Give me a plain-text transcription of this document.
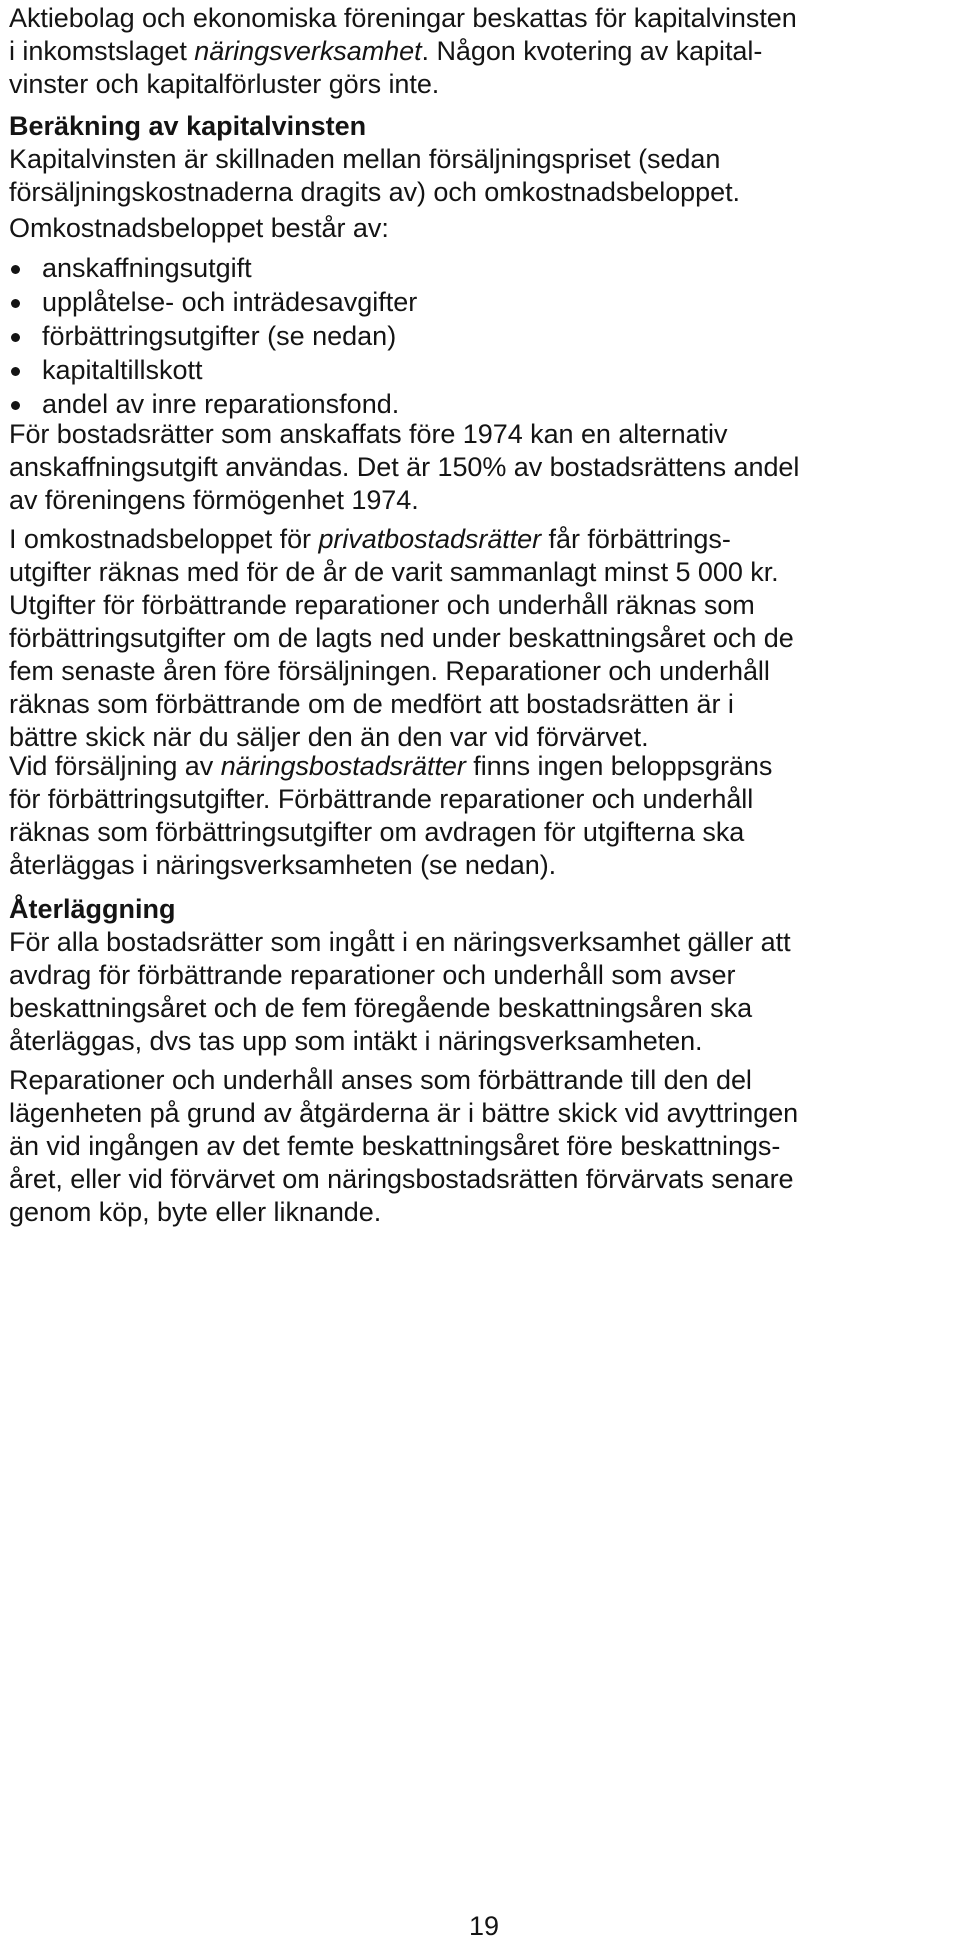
Aktiebolag och ekonomiska föreningar beskattas för kapitalvinsten
i inkomstslaget näringsverksamhet. Någon kvotering av kapital-
vinster och kapitalförluster görs inte.
Beräkning av kapitalvinsten
Kapitalvinsten är skillnaden mellan försäljningspriset (sedan
försäljningskostnaderna dragits av) och omkostnadsbeloppet.
Omkostnadsbeloppet består av:
anskaffningsutgift
upplåtelse- och inträdesavgifter
förbättringsutgifter (se nedan)
kapitaltillskott
andel av inre reparationsfond.
För bostadsrätter som anskaffats före 1974 kan en alternativ
anskaffningsutgift användas. Det är 150% av bostadsrättens andel
av föreningens förmögenhet 1974.
I omkostnadsbeloppet för privatbostadsrätter får förbättrings-
utgifter räknas med för de år de varit sammanlagt minst 5 000 kr.
Utgifter för förbättrande reparationer och underhåll räknas som
förbättringsutgifter om de lagts ned under beskattningsåret och de
fem senaste åren före försäljningen. Reparationer och underhåll
räknas som förbättrande om de medfört att bostadsrätten är i
bättre skick när du säljer den än den var vid förvärvet.
Vid försäljning av näringsbostadsrätter finns ingen beloppsgräns
för förbättringsutgifter. Förbättrande reparationer och underhåll
räknas som förbättringsutgifter om avdragen för utgifterna ska
återläggas i näringsverksamheten (se nedan).
Återläggning
För alla bostadsrätter som ingått i en näringsverksamhet gäller att
avdrag för förbättrande reparationer och underhåll som avser
beskattningsåret och de fem föregående beskattningsåren ska
återläggas, dvs tas upp som intäkt i näringsverksamheten.
Reparationer och underhåll anses som förbättrande till den del
lägenheten på grund av åtgärderna är i bättre skick vid avyttringen
än vid ingången av det femte beskattningsåret före beskattnings-
året, eller vid förvärvet om näringsbostadsrätten förvärvats senare
genom köp, byte eller liknande.
19
